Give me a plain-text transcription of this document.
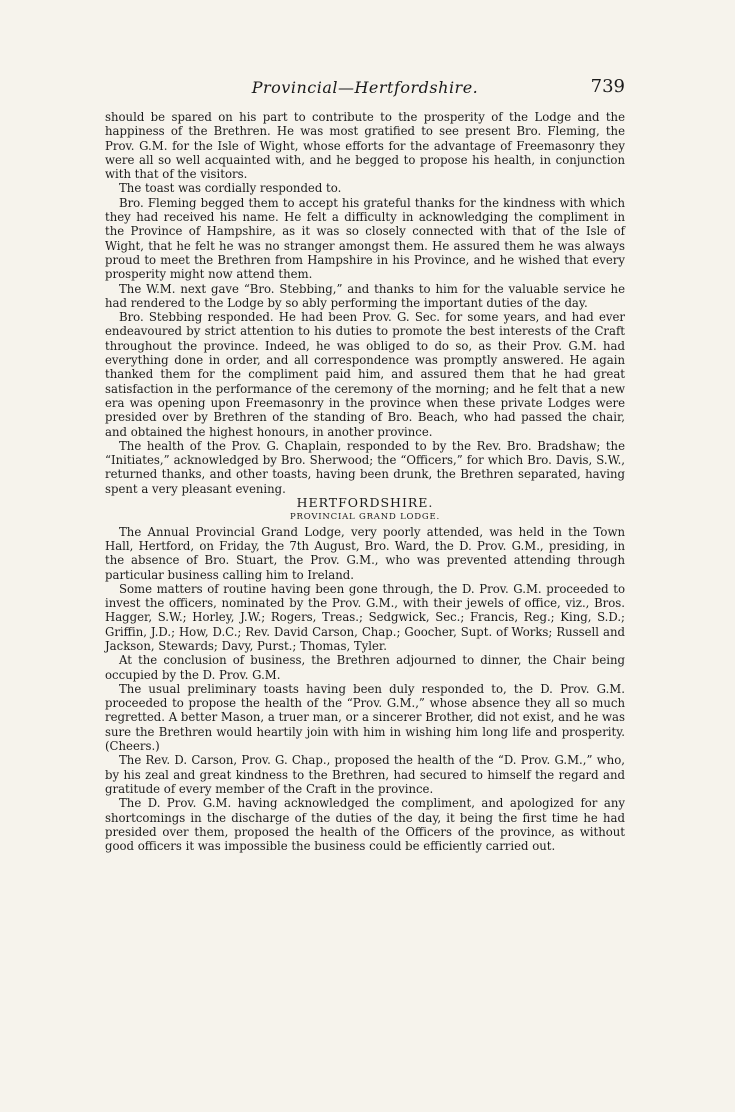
Provincial—Hertfordshire.	739

should be spared on his part to contribute to the prosperity of the Lodge and the happiness of the Brethren. He was most gratified to see present Bro. Fleming, the Prov. G.M. for the Isle of Wight, whose efforts for the advantage of Freemasonry they were all so well acquainted with, and he begged to propose his health, in conjunction with that of the visitors.

The toast was cordially responded to.

Bro. Fleming begged them to accept his grateful thanks for the kindness with which they had received his name. He felt a difficulty in acknowledging the compliment in the Province of Hampshire, as it was so closely connected with that of the Isle of Wight, that he felt he was no stranger amongst them. He assured them he was always proud to meet the Brethren from Hampshire in his Province, and he wished that every prosperity might now attend them.

The W.M. next gave “Bro. Stebbing,” and thanks to him for the valuable service he had rendered to the Lodge by so ably performing the important duties of the day.

Bro. Stebbing responded. He had been Prov. G. Sec. for some years, and had ever endeavoured by strict attention to his duties to promote the best interests of the Craft throughout the province. Indeed, he was obliged to do so, as their Prov. G.M. had everything done in order, and all correspondence was promptly answered. He again thanked them for the compliment paid him, and assured them that he had great satisfaction in the performance of the ceremony of the morning; and he felt that a new era was opening upon Freemasonry in the province when these private Lodges were presided over by Brethren of the standing of Bro. Beach, who had passed the chair, and obtained the highest honours, in another province.

The health of the Prov. G. Chaplain, responded to by the Rev. Bro. Bradshaw; the “Initiates,” acknowledged by Bro. Sherwood; the “Officers,” for which Bro. Davis, S.W., returned thanks, and other toasts, having been drunk, the Brethren separated, having spent a very pleasant evening.

HERTFORDSHIRE.

PROVINCIAL GRAND LODGE.

The Annual Provincial Grand Lodge, very poorly attended, was held in the Town Hall, Hertford, on Friday, the 7th August, Bro. Ward, the D. Prov. G.M., presiding, in the absence of Bro. Stuart, the Prov. G.M., who was prevented attending through particular business calling him to Ireland.

Some matters of routine having been gone through, the D. Prov. G.M. proceeded to invest the officers, nominated by the Prov. G.M., with their jewels of office, viz., Bros. Hagger, S.W.; Horley, J.W.; Rogers, Treas.; Sedgwick, Sec.; Francis, Reg.; King, S.D.; Griffin, J.D.; How, D.C.; Rev. David Carson, Chap.; Goocher, Supt. of Works; Russell and Jackson, Stewards; Davy, Purst.; Thomas, Tyler.

At the conclusion of business, the Brethren adjourned to dinner, the Chair being occupied by the D. Prov. G.M.

The usual preliminary toasts having been duly responded to, the D. Prov. G.M. proceeded to propose the health of the “Prov. G.M.,” whose absence they all so much regretted. A better Mason, a truer man, or a sincerer Brother, did not exist, and he was sure the Brethren would heartily join with him in wishing him long life and prosperity. (Cheers.)

The Rev. D. Carson, Prov. G. Chap., proposed the health of the “D. Prov. G.M.,” who, by his zeal and great kindness to the Brethren, had secured to himself the regard and gratitude of every member of the Craft in the province.

The D. Prov. G.M. having acknowledged the compliment, and apologized for any shortcomings in the discharge of the duties of the day, it being the first time he had presided over them, proposed the health of the Officers of the province, as without good officers it was impossible the business could be efficiently carried out.
